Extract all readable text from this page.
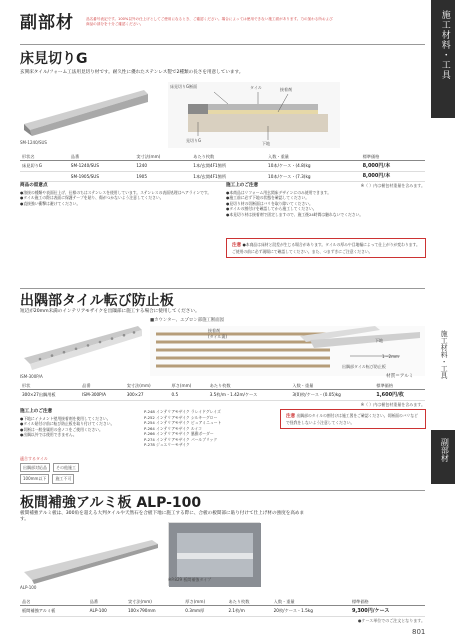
副部材	品名番号表記です。100%以外の仕上げとしてご使用になるとき、ご確認ください。場合によっては使用できない施工面があります。力の加わる所および商品の部分を十分ご確認ください。	施工材料・工具
施工材料・工具
副部材
床見切りG
玄関床タイル/フォーム工法用見切り材です。耐久性に優れたステンレス製で2種類の長さを用意しています。
SM-1240/SUS
床見切りG断面	タイル	接着剤
見切りG
下地
形状名	品番	実寸法(mm)	あたり枚数	入数・重量	標準価格
床見切りG	SM-1240/SUS	1240	1本/玄関4F1箇所	10本/ケース・(4.8)kg	8,000円/本
	SM-1905/SUS	1905	1本/玄関4F1箇所	10本/ケース・(7.3)kg	8,000円/本
※（ ）内は梱包材重量を含みます。
商品の留意点
●溶接の種類や表面仕上げ、仕様のちはステンレスを使用しています。ステンレスの表面処理はヘアラインです。
●タイル施工の際は表面に保護テープを貼り、傷がつかないよう注意してください。
●直接強い衝撃は避けてください。
施工上のご注意
●本商品はリフォーム用玄関床デザインにのみ使用できます。
●施工前に必ず下地の状態を確認してください。
●見切り材の切断面はバリを取り除いてください。
●タイルの割付けを確認してから施工してください。
●本見切り材は接着剤で固定しますので、施工後24時間は触れないでください。
注意 ●本商品は床材と段差が生じる場合があります。タイルの厚みや目地幅によって仕上がりが変わります。ご使用の前に必ず現場にて確認してください。また、つまずきにご注意ください。
出隅部タイル転び防止板
短辺が20mm未満のインテリアモザイクを出隅部に施工する場合に使用してください。
ISM-300P/A
■カウンター、エプロン部施工断面図
接着剤
(タイル裏)
下地
1〜2mm
出隅部タイル転び防止板
材質＝アルミ
形状	品番	実寸法(mm)	厚さ(mm)	あたり枚数	入数・重量	標準価格
300×27出隅用板	ISM-300P/A	300×27	0.5	3.5枚/m・1.42m/ケース	3(0)枚/ケース・(0.05)kg	1,600円/枚
※（ ）内は梱包材重量を含みます。
施工上のご注意
●下地にイナメント壁用接着剤を使用してください。
●タイル貼付け前に転び防止板を取り付けてください。
●切断は一般金属用の金ノコをご使用ください。
●出隅以外では使用できません。
適合するタイル
出隅部対応品	その他施工
100mm以下	施工不可
P-248 インテリアモザイク ラレイドグレイズ
P-252 インテリアモザイク シルキーグロー
P-254 インテリアモザイク ピュアミニュート
P-264 インテリアモザイク ルイコ
P-266 インテリアモザイク 風雅ボーダー
P-274 インテリアモザイク パールブリック
P-278 ジュエリーモザイク
注意 出隅部のタイルの割付けは施工図をご確認ください。切断面のバリなどで怪我をしないよう注意してください。
板間補強アルミ板 ALP-100
板間補強アルミ板は、300角を超える大判タイルや天然石を合板下地に施工する際に、合板の板間部に貼り付けて仕上げ材の強度を高めます。
ALP-100
※P.829 板間補強タイプ
品名	品番	実寸法(mm)	厚さ(mm)	あたり枚数	入数・重量	標準価格
板間補強アルミ板	ALP-100	100×790mm	0.3mm厚	2.1枚/m	20枚/ケース・1.5kg	9,300円/ケース
●ケース単位でのご注文となります。
801
